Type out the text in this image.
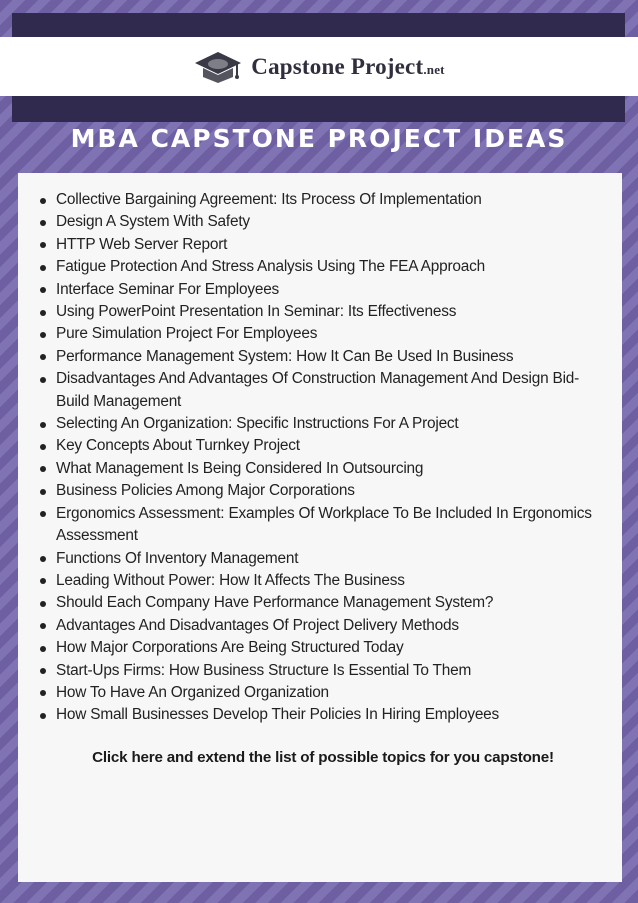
Capstone Project.net
MBA CAPSTONE PROJECT IDEAS
Collective Bargaining Agreement: Its Process Of Implementation
Design A System With Safety
HTTP Web Server Report
Fatigue Protection And Stress Analysis Using The FEA Approach
Interface Seminar For Employees
Using PowerPoint Presentation In Seminar: Its Effectiveness
Pure Simulation Project For Employees
Performance Management System: How It Can Be Used In Business
Disadvantages And Advantages Of Construction Management And Design Bid-Build Management
Selecting An Organization: Specific Instructions For A Project
Key Concepts About Turnkey Project
What Management Is Being Considered In Outsourcing
Business Policies Among Major Corporations
Ergonomics Assessment: Examples Of Workplace To Be Included In Ergonomics Assessment
Functions Of Inventory Management
Leading Without Power: How It Affects The Business
Should Each Company Have Performance Management System?
Advantages And Disadvantages Of Project Delivery Methods
How Major Corporations Are Being Structured Today
Start-Ups Firms: How Business Structure Is Essential To Them
How To Have An Organized Organization
How Small Businesses Develop Their Policies In Hiring Employees
Click here and extend the list of possible topics for you capstone!
